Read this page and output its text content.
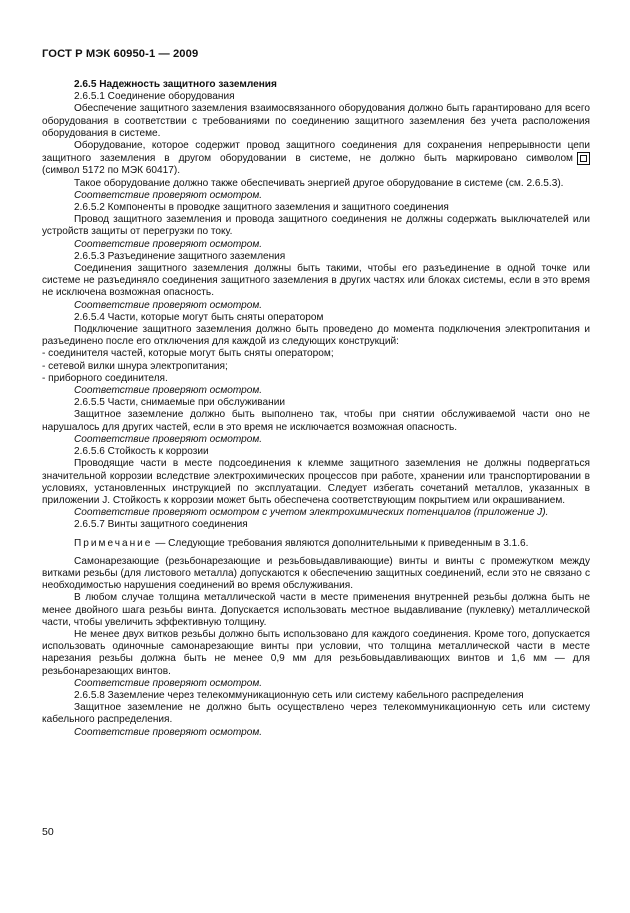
ГОСТ Р МЭК 60950-1 — 2009

2.6.5 Надежность защитного заземления

2.6.5.1 Соединение оборудования

Обеспечение защитного заземления взаимосвязанного оборудования должно быть гарантировано для всего оборудования в соответствии с требованиями по соединению защитного заземления без учета расположения оборудования в системе.

Оборудование, которое содержит провод защитного соединения для сохранения непрерывности цепи защитного заземления в другом оборудовании в системе, не должно быть маркировано символом

(символ 5172 по МЭК 60417).

Такое оборудование должно также обеспечивать энергией другое оборудование в системе (см. 2.6.5.3).

Соответствие проверяют осмотром.

2.6.5.2 Компоненты в проводке защитного заземления и защитного соединения

Провод защитного заземления и провода защитного соединения не должны содержать выключателей или устройств защиты от перегрузки по току.

Соответствие проверяют осмотром.

2.6.5.3 Разъединение защитного заземления

Соединения защитного заземления должны быть такими, чтобы его разъединение в одной точке или системе не разъединяло соединения защитного заземления в других частях или блоках системы, если в это время не исключена возможная опасность.

Соответствие проверяют осмотром.

2.6.5.4 Части, которые могут быть сняты оператором

Подключение защитного заземления должно быть проведено до момента подключения электропитания и разъединено после его отключения для каждой из следующих конструкций:

- соединителя частей, которые могут быть сняты оператором;

- сетевой вилки шнура электропитания;

- приборного соединителя.

Соответствие проверяют осмотром.

2.6.5.5 Части, снимаемые при обслуживании

Защитное заземление должно быть выполнено так, чтобы при снятии обслуживаемой части оно не нарушалось для других частей, если в это время не исключается возможная опасность.

Соответствие проверяют осмотром.

2.6.5.6 Стойкость к коррозии

Проводящие части в месте подсоединения к клемме защитного заземления не должны подвергаться значительной коррозии вследствие электрохимических процессов при работе, хранении или транспортировании в условиях, установленных инструкцией по эксплуатации. Следует избегать сочетаний металлов, указанных в приложении J. Стойкость к коррозии может быть обеспечена соответствующим покрытием или окрашиванием.

Соответствие проверяют осмотром с учетом электрохимических потенциалов (приложение J).

2.6.5.7 Винты защитного соединения

Примечание — Следующие требования являются дополнительными к приведенным в 3.1.6.

Самонарезающие (резьбонарезающие и резьбовыдавливающие) винты и винты с промежутком между витками резьбы (для листового металла) допускаются к обеспечению защитных соединений, если это не связано с необходимостью нарушения соединений во время обслуживания.

В любом случае толщина металлической части в месте применения внутренней резьбы должна быть не менее двойного шага резьбы винта. Допускается использовать местное выдавливание (пуклевку) металлической части, чтобы увеличить эффективную толщину.

Не менее двух витков резьбы должно быть использовано для каждого соединения. Кроме того, допускается использовать одиночные самонарезающие винты при условии, что толщина металлической части в месте нарезания резьбы должна быть не менее 0,9 мм для резьбовыдавливающих винтов и 1,6 мм — для резьбонарезающих винтов.

Соответствие проверяют осмотром.

2.6.5.8 Заземление через телекоммуникационную сеть или систему кабельного распределения

Защитное заземление не должно быть осуществлено через телекоммуникационную сеть или систему кабельного распределения.

Соответствие проверяют осмотром.

50
